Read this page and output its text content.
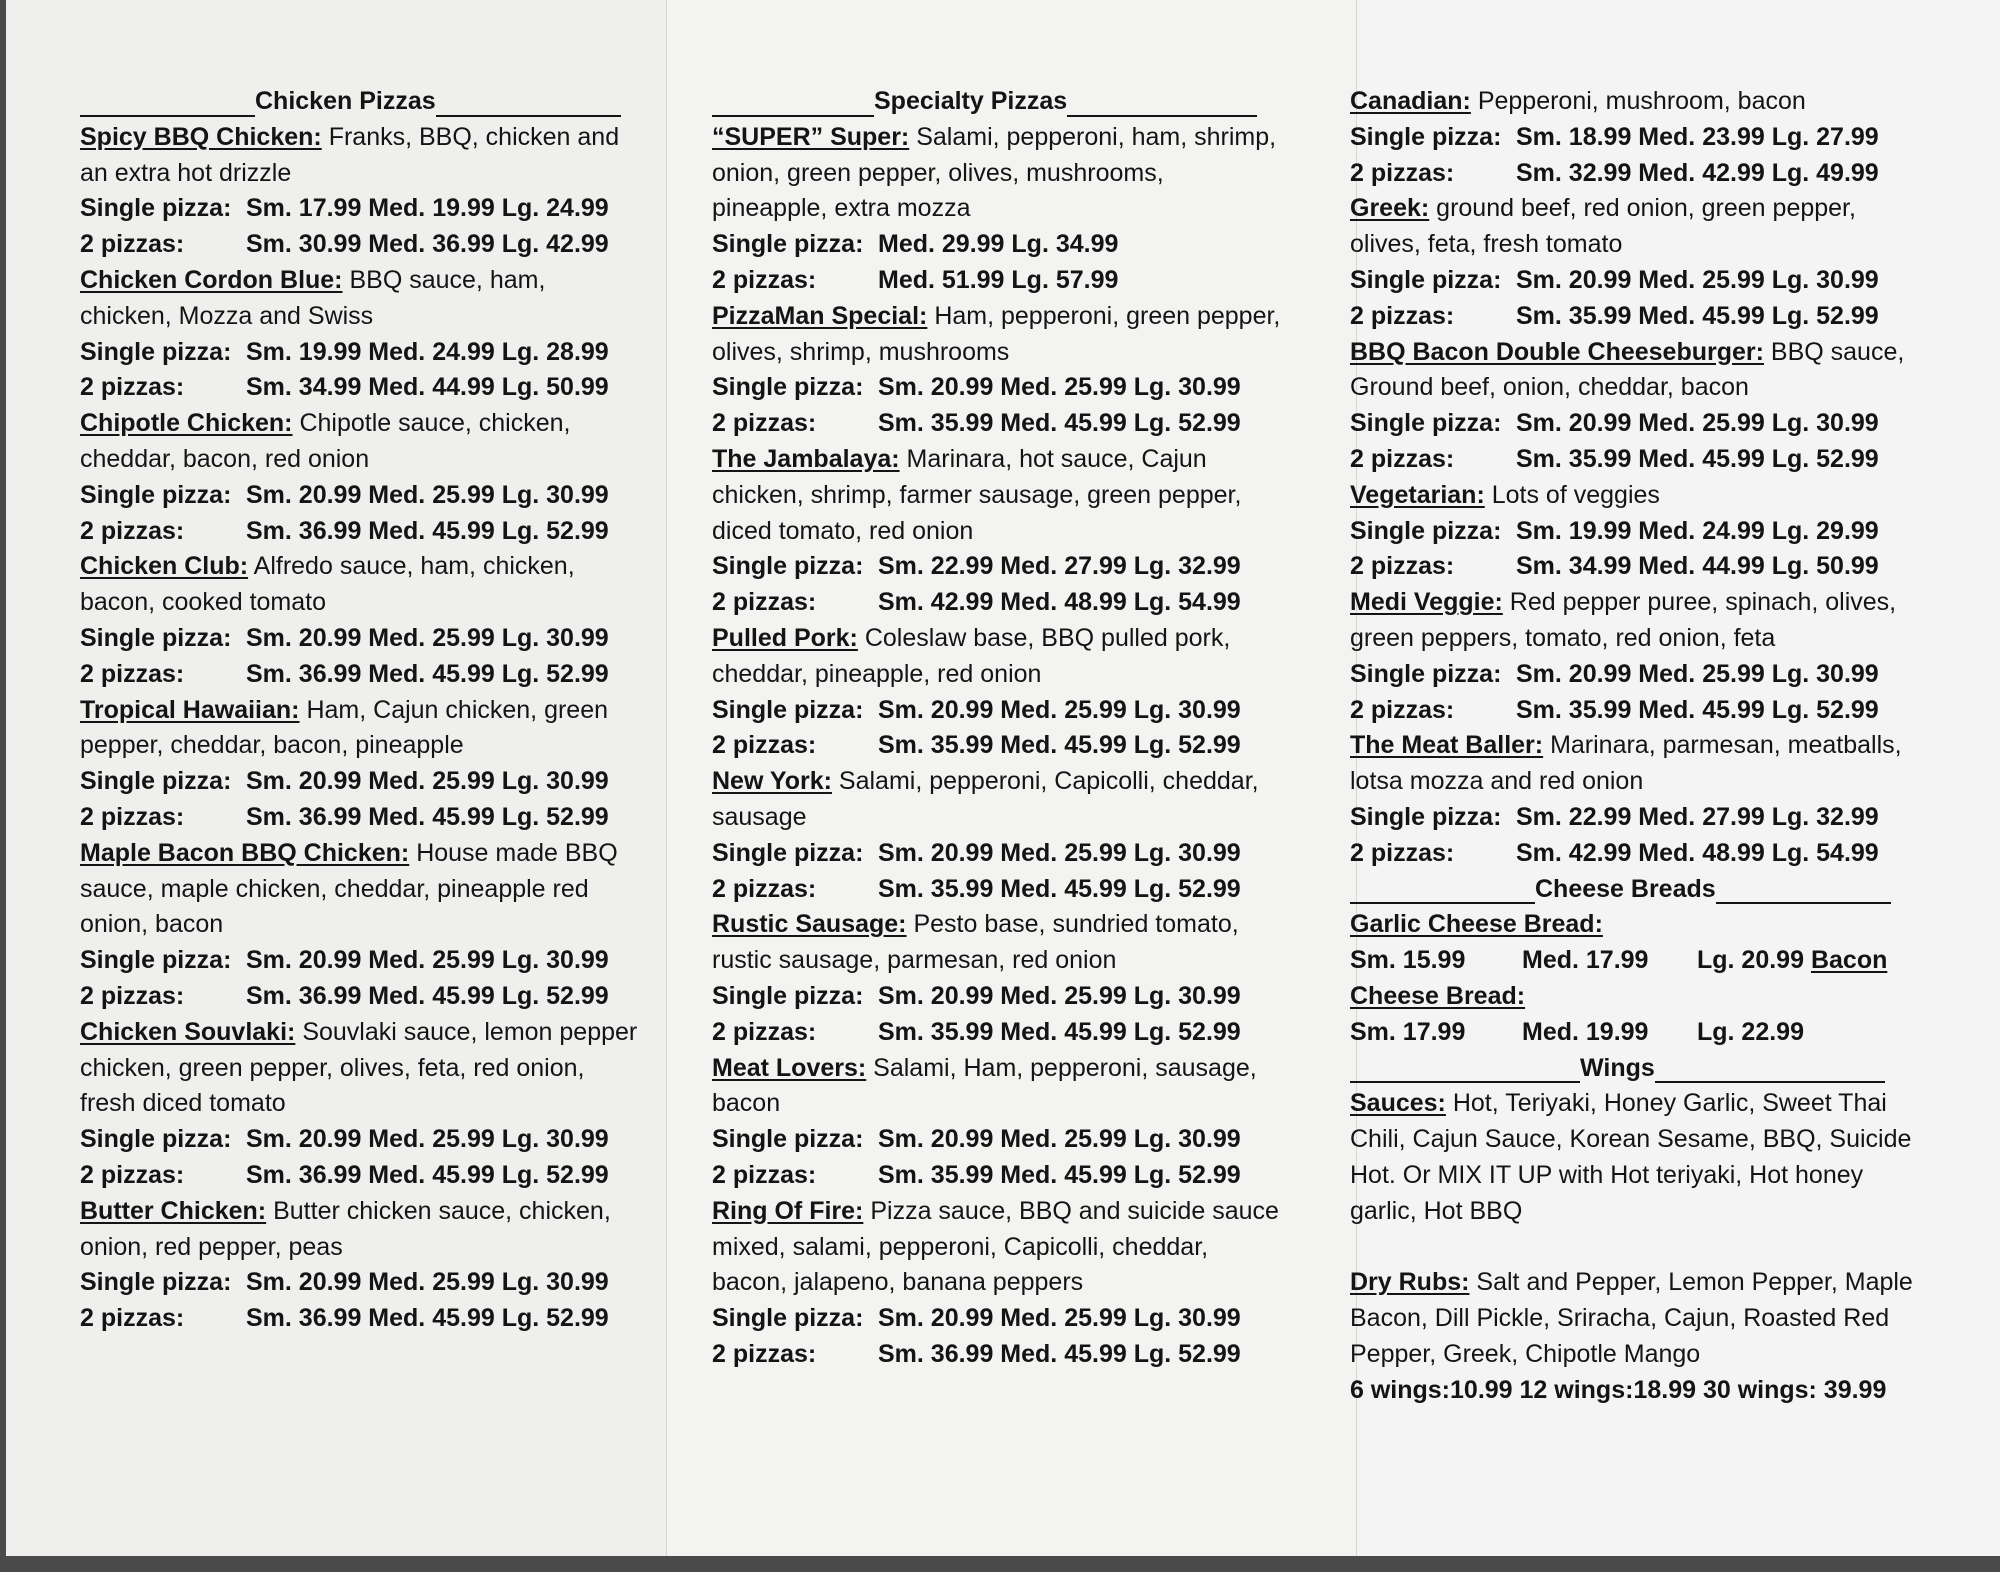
Chicken Pizzas
Spicy BBQ Chicken: Franks, BBQ, chicken and an extra hot drizzle
Single pizza: Sm. 17.99 Med. 19.99 Lg. 24.99
2 pizzas: Sm. 30.99 Med. 36.99 Lg. 42.99
Chicken Cordon Blue: BBQ sauce, ham, chicken, Mozza and Swiss
Single pizza: Sm. 19.99 Med. 24.99 Lg. 28.99
2 pizzas: Sm. 34.99 Med. 44.99 Lg. 50.99
Chipotle Chicken: Chipotle sauce, chicken, cheddar, bacon, red onion
Single pizza: Sm. 20.99 Med. 25.99 Lg. 30.99
2 pizzas: Sm. 36.99 Med. 45.99 Lg. 52.99
Chicken Club: Alfredo sauce, ham, chicken, bacon, cooked tomato
Single pizza: Sm. 20.99 Med. 25.99 Lg. 30.99
2 pizzas: Sm. 36.99 Med. 45.99 Lg. 52.99
Tropical Hawaiian: Ham, Cajun chicken, green pepper, cheddar, bacon, pineapple
Single pizza: Sm. 20.99 Med. 25.99 Lg. 30.99
2 pizzas: Sm. 36.99 Med. 45.99 Lg. 52.99
Maple Bacon BBQ Chicken: House made BBQ sauce, maple chicken, cheddar, pineapple red onion, bacon
Single pizza: Sm. 20.99 Med. 25.99 Lg. 30.99
2 pizzas: Sm. 36.99 Med. 45.99 Lg. 52.99
Chicken Souvlaki: Souvlaki sauce, lemon pepper chicken, green pepper, olives, feta, red onion, fresh diced tomato
Single pizza: Sm. 20.99 Med. 25.99 Lg. 30.99
2 pizzas: Sm. 36.99 Med. 45.99 Lg. 52.99
Butter Chicken: Butter chicken sauce, chicken, onion, red pepper, peas
Single pizza: Sm. 20.99 Med. 25.99 Lg. 30.99
2 pizzas: Sm. 36.99 Med. 45.99 Lg. 52.99
Specialty Pizzas
“SUPER” Super: Salami, pepperoni, ham, shrimp, onion, green pepper, olives, mushrooms, pineapple, extra mozza
Single pizza: Med. 29.99 Lg. 34.99
2 pizzas: Med. 51.99 Lg. 57.99
PizzaMan Special: Ham, pepperoni, green pepper, olives, shrimp, mushrooms
Single pizza: Sm. 20.99 Med. 25.99 Lg. 30.99
2 pizzas: Sm. 35.99 Med. 45.99 Lg. 52.99
The Jambalaya: Marinara, hot sauce, Cajun chicken, shrimp, farmer sausage, green pepper, diced tomato, red onion
Single pizza: Sm. 22.99 Med. 27.99 Lg. 32.99
2 pizzas: Sm. 42.99 Med. 48.99 Lg. 54.99
Pulled Pork: Coleslaw base, BBQ pulled pork, cheddar, pineapple, red onion
Single pizza: Sm. 20.99 Med. 25.99 Lg. 30.99
2 pizzas: Sm. 35.99 Med. 45.99 Lg. 52.99
New York: Salami, pepperoni, Capicolli, cheddar, sausage
Single pizza: Sm. 20.99 Med. 25.99 Lg. 30.99
2 pizzas: Sm. 35.99 Med. 45.99 Lg. 52.99
Rustic Sausage: Pesto base, sundried tomato, rustic sausage, parmesan, red onion
Single pizza: Sm. 20.99 Med. 25.99 Lg. 30.99
2 pizzas: Sm. 35.99 Med. 45.99 Lg. 52.99
Meat Lovers: Salami, Ham, pepperoni, sausage, bacon
Single pizza: Sm. 20.99 Med. 25.99 Lg. 30.99
2 pizzas: Sm. 35.99 Med. 45.99 Lg. 52.99
Ring Of Fire: Pizza sauce, BBQ and suicide sauce mixed, salami, pepperoni, Capicolli, cheddar, bacon, jalapeno, banana peppers
Single pizza: Sm. 20.99 Med. 25.99 Lg. 30.99
2 pizzas: Sm. 36.99 Med. 45.99 Lg. 52.99
Canadian: Pepperoni, mushroom, bacon
Single pizza: Sm. 18.99 Med. 23.99 Lg. 27.99
2 pizzas: Sm. 32.99 Med. 42.99 Lg. 49.99
Greek: ground beef, red onion, green pepper, olives, feta, fresh tomato
Single pizza: Sm. 20.99 Med. 25.99 Lg. 30.99
2 pizzas: Sm. 35.99 Med. 45.99 Lg. 52.99
BBQ Bacon Double Cheeseburger: BBQ sauce, Ground beef, onion, cheddar, bacon
Single pizza: Sm. 20.99 Med. 25.99 Lg. 30.99
2 pizzas: Sm. 35.99 Med. 45.99 Lg. 52.99
Vegetarian: Lots of veggies
Single pizza: Sm. 19.99 Med. 24.99 Lg. 29.99
2 pizzas: Sm. 34.99 Med. 44.99 Lg. 50.99
Medi Veggie: Red pepper puree, spinach, olives, green peppers, tomato, red onion, feta
Single pizza: Sm. 20.99 Med. 25.99 Lg. 30.99
2 pizzas: Sm. 35.99 Med. 45.99 Lg. 52.99
The Meat Baller: Marinara, parmesan, meatballs, lotsa mozza and red onion
Single pizza: Sm. 22.99 Med. 27.99 Lg. 32.99
2 pizzas: Sm. 42.99 Med. 48.99 Lg. 54.99
Cheese Breads
Garlic Cheese Bread:
Sm. 15.99 Med. 17.99 Lg. 20.99 Bacon
Cheese Bread:
Sm. 17.99 Med. 19.99 Lg. 22.99
Wings
Sauces: Hot, Teriyaki, Honey Garlic, Sweet Thai Chili, Cajun Sauce, Korean Sesame, BBQ, Suicide Hot. Or MIX IT UP with Hot teriyaki, Hot honey garlic, Hot BBQ
Dry Rubs: Salt and Pepper, Lemon Pepper, Maple Bacon, Dill Pickle, Sriracha, Cajun, Roasted Red Pepper, Greek, Chipotle Mango
6 wings:10.99 12 wings:18.99 30 wings: 39.99
